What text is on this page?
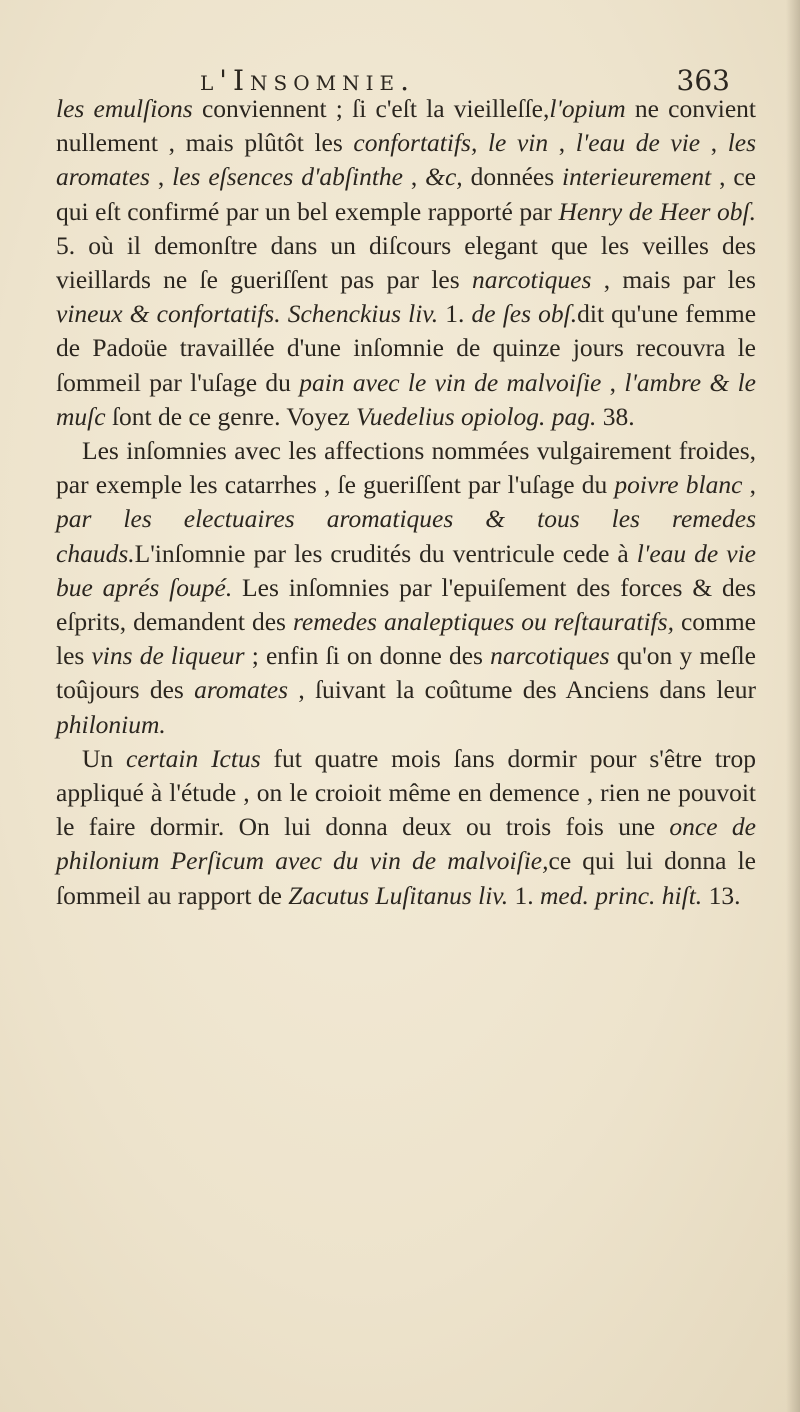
l'Insomnie.	363

les emulſions conviennent ; ſi c'eſt la vieilleſſe,l'opium ne convient nullement , mais plûtôt les confortatifs, le vin , l'eau de vie , les aromates , les eſsences d'abſinthe , &c, données interieurement , ce qui eſt confirmé par un bel exemple rapporté par Henry de Heer obſ. 5. où il demonſtre dans un diſcours elegant que les veilles des vieillards ne ſe gueriſſent pas par les narcotiques , mais par les vineux & confortatifs. Schenckius liv. 1. de ſes obſ.dit qu'une femme de Padoüe travaillée d'une inſomnie de quinze jours recouvra le ſommeil par l'uſage du pain avec le vin de malvoiſie , l'ambre & le muſc ſont de ce genre. Voyez Vuedelius opiolog. pag. 38.

Les inſomnies avec les affections nommées vulgairement froides, par exemple les catarrhes , ſe gueriſſent par l'uſage du poivre blanc , par les electuaires aromatiques & tous les remedes chauds.L'inſomnie par les crudités du ventricule cede à l'eau de vie bue aprés ſoupé. Les inſomnies par l'epuiſement des forces & des eſprits, demandent des remedes analeptiques ou reſtauratifs, comme les vins de liqueur ; enfin ſi on donne des narcotiques qu'on y meſle toûjours des aromates , ſuivant la coûtume des Anciens dans leur philonium.

Un certain Ictus fut quatre mois ſans dormir pour s'être trop appliqué à l'étude , on le croioit même en demence , rien ne pouvoit le faire dormir. On lui donna deux ou trois fois une once de philonium Perſicum avec du vin de malvoiſie,ce qui lui donna le ſommeil au rapport de Zacutus Luſitanus liv. 1. med. princ. hiſt. 13.
